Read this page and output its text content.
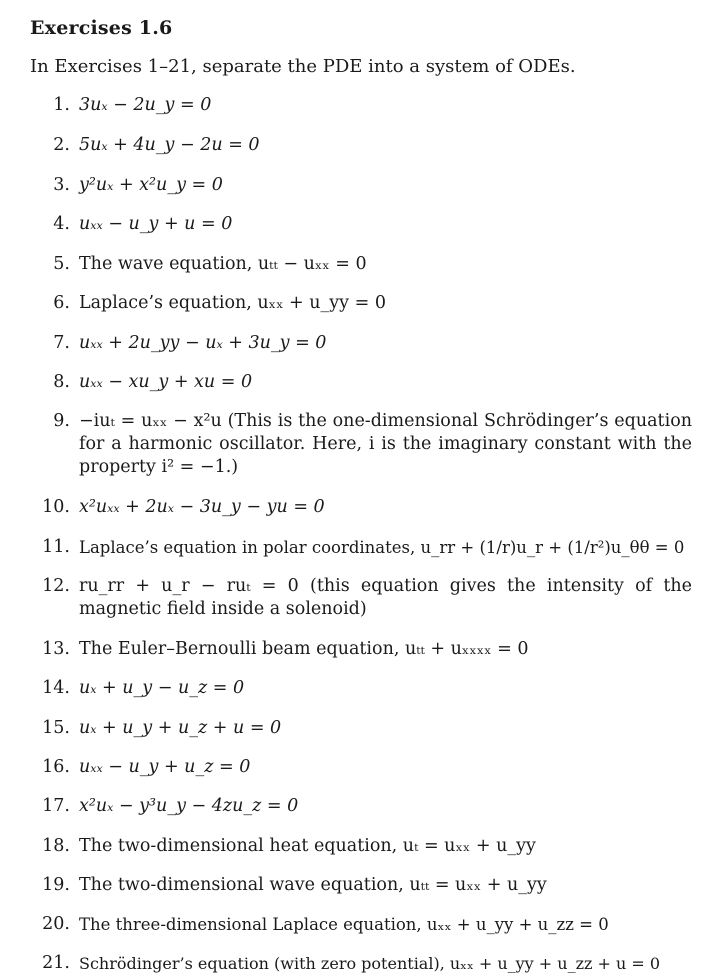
Exercises 1.6
In Exercises 1–21, separate the PDE into a system of ODEs.
1. 3uₓ − 2u_y = 0
2. 5uₓ + 4u_y − 2u = 0
3. y²uₓ + x²u_y = 0
4. uₓₓ − u_y + u = 0
5. The wave equation, uₜₜ − uₓₓ = 0
6. Laplace’s equation, uₓₓ + u_yy = 0
7. uₓₓ + 2u_yy − uₓ + 3u_y = 0
8. uₓₓ − xu_y + xu = 0
9. −iuₜ = uₓₓ − x²u (This is the one-dimensional Schrödinger’s equation for a harmonic oscillator. Here, i is the imaginary constant with the property i² = −1.)
10. x²uₓₓ + 2uₓ − 3u_y − yu = 0
11. Laplace’s equation in polar coordinates, u_rr + (1/r)u_r + (1/r²)u_θθ = 0
12. ru_rr + u_r − ruₜ = 0 (this equation gives the intensity of the magnetic field inside a solenoid)
13. The Euler–Bernoulli beam equation, uₜₜ + uₓₓₓₓ = 0
14. uₓ + u_y − u_z = 0
15. uₓ + u_y + u_z + u = 0
16. uₓₓ − u_y + u_z = 0
17. x²uₓ − y³u_y − 4zu_z = 0
18. The two-dimensional heat equation, uₜ = uₓₓ + u_yy
19. The two-dimensional wave equation, uₜₜ = uₓₓ + u_yy
20. The three-dimensional Laplace equation, uₓₓ + u_yy + u_zz = 0
21. Schrödinger’s equation (with zero potential), uₓₓ + u_yy + u_zz + u = 0
